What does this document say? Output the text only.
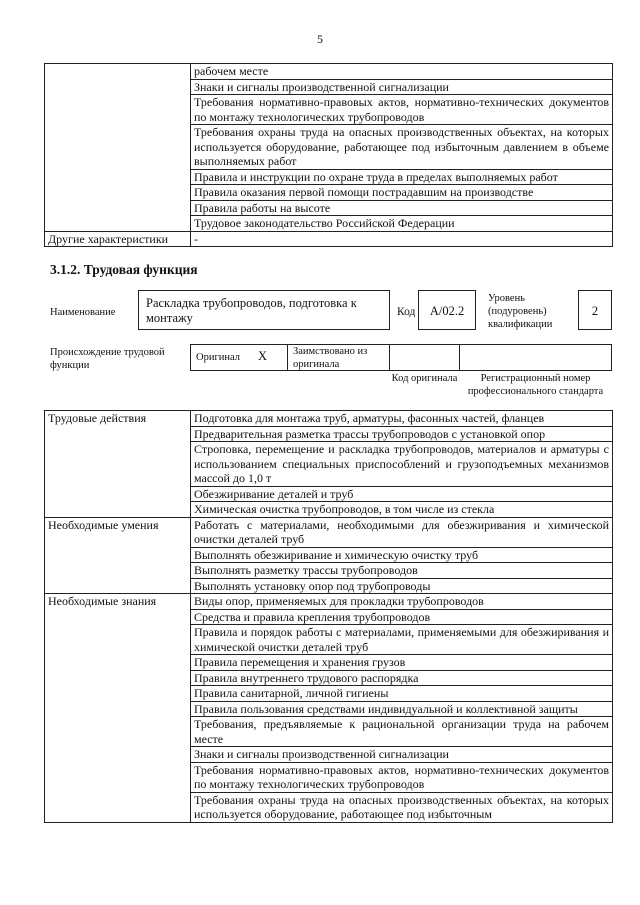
5
	рабочем месте
	Знаки и сигналы производственной сигнализации
	Требования нормативно-правовых актов, нормативно-технических документов по монтажу технологических трубопроводов
	Требования охраны труда на опасных производственных объектах, на которых используется оборудование, работающее под избыточным давлением в объеме выполняемых работ
	Правила и инструкции по охране труда в пределах выполняемых работ
	Правила оказания первой помощи пострадавшим на производстве
	Правила работы на высоте
	Трудовое законодательство Российской Федерации
Другие характеристики	-
3.1.2. Трудовая функция
Наименование
Раскладка трубопроводов, подготовка к монтажу	Код	A/02.2
Уровень (подуровень) квалификации
2
Происхождение трудовой функции
Оригинал X Заимствовано из оригинала
Код оригинала	Регистрационный номер профессионального стандарта
Трудовые действия	Подготовка для монтажа труб, арматуры, фасонных частей, фланцев
	Предварительная разметка трассы трубопроводов с установкой опор
	Строповка, перемещение и раскладка трубопроводов, материалов и арматуры с использованием специальных приспособлений и грузоподъемных механизмов массой до 1,0 т
	Обезжиривание деталей и труб
	Химическая очистка трубопроводов, в том числе из стекла
Необходимые умения	Работать с материалами, необходимыми для обезжиривания и химической очистки деталей труб
	Выполнять обезжиривание и химическую очистку труб
	Выполнять разметку трассы трубопроводов
	Выполнять установку опор под трубопроводы
Необходимые знания	Виды опор, применяемых для прокладки трубопроводов
	Средства и правила крепления трубопроводов
	Правила и порядок работы с материалами, применяемыми для обезжиривания и химической очистки деталей труб
	Правила перемещения и хранения грузов
	Правила внутреннего трудового распорядка
	Правила санитарной, личной гигиены
	Правила пользования средствами индивидуальной и коллективной защиты
	Требования, предъявляемые к рациональной организации труда на рабочем месте
	Знаки и сигналы производственной сигнализации
	Требования нормативно-правовых актов, нормативно-технических документов по монтажу технологических трубопроводов
	Требования охраны труда на опасных производственных объектах, на которых используется оборудование, работающее под избыточным
